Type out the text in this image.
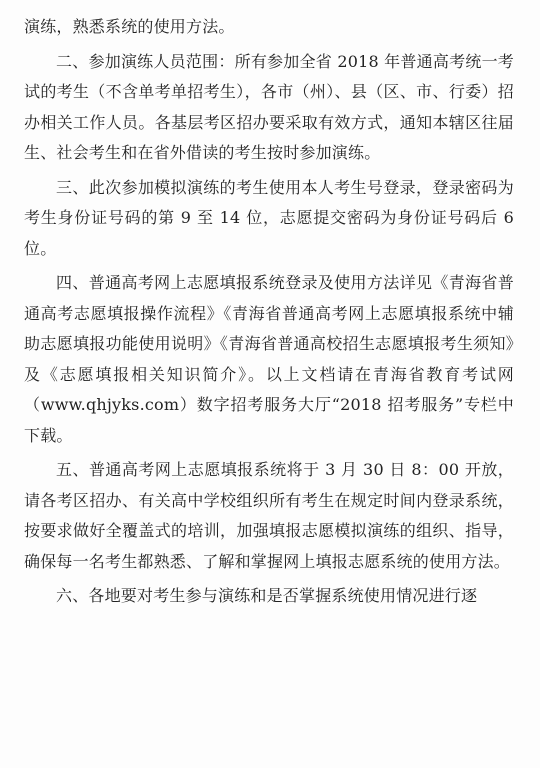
演练，熟悉系统的使用方法。

二、参加演练人员范围：所有参加全省 2018 年普通高考统一考试的考生（不含单考单招考生），各市（州）、县（区、市、行委）招办相关工作人员。各基层考区招办要采取有效方式，通知本辖区往届生、社会考生和在省外借读的考生按时参加演练。

三、此次参加模拟演练的考生使用本人考生号登录，登录密码为考生身份证号码的第 9 至 14 位，志愿提交密码为身份证号码后 6 位。

四、普通高考网上志愿填报系统登录及使用方法详见《青海省普通高考志愿填报操作流程》《青海省普通高考网上志愿填报系统中辅助志愿填报功能使用说明》《青海省普通高校招生志愿填报考生须知》及《志愿填报相关知识简介》。以上文档请在青海省教育考试网（www.qhjyks.com）数字招考服务大厅“2018 招考服务”专栏中下载。

五、普通高考网上志愿填报系统将于 3 月 30 日 8：00 开放，请各考区招办、有关高中学校组织所有考生在规定时间内登录系统，按要求做好全覆盖式的培训，加强填报志愿模拟演练的组织、指导，确保每一名考生都熟悉、了解和掌握网上填报志愿系统的使用方法。

六、各地要对考生参与演练和是否掌握系统使用情况进行逐
